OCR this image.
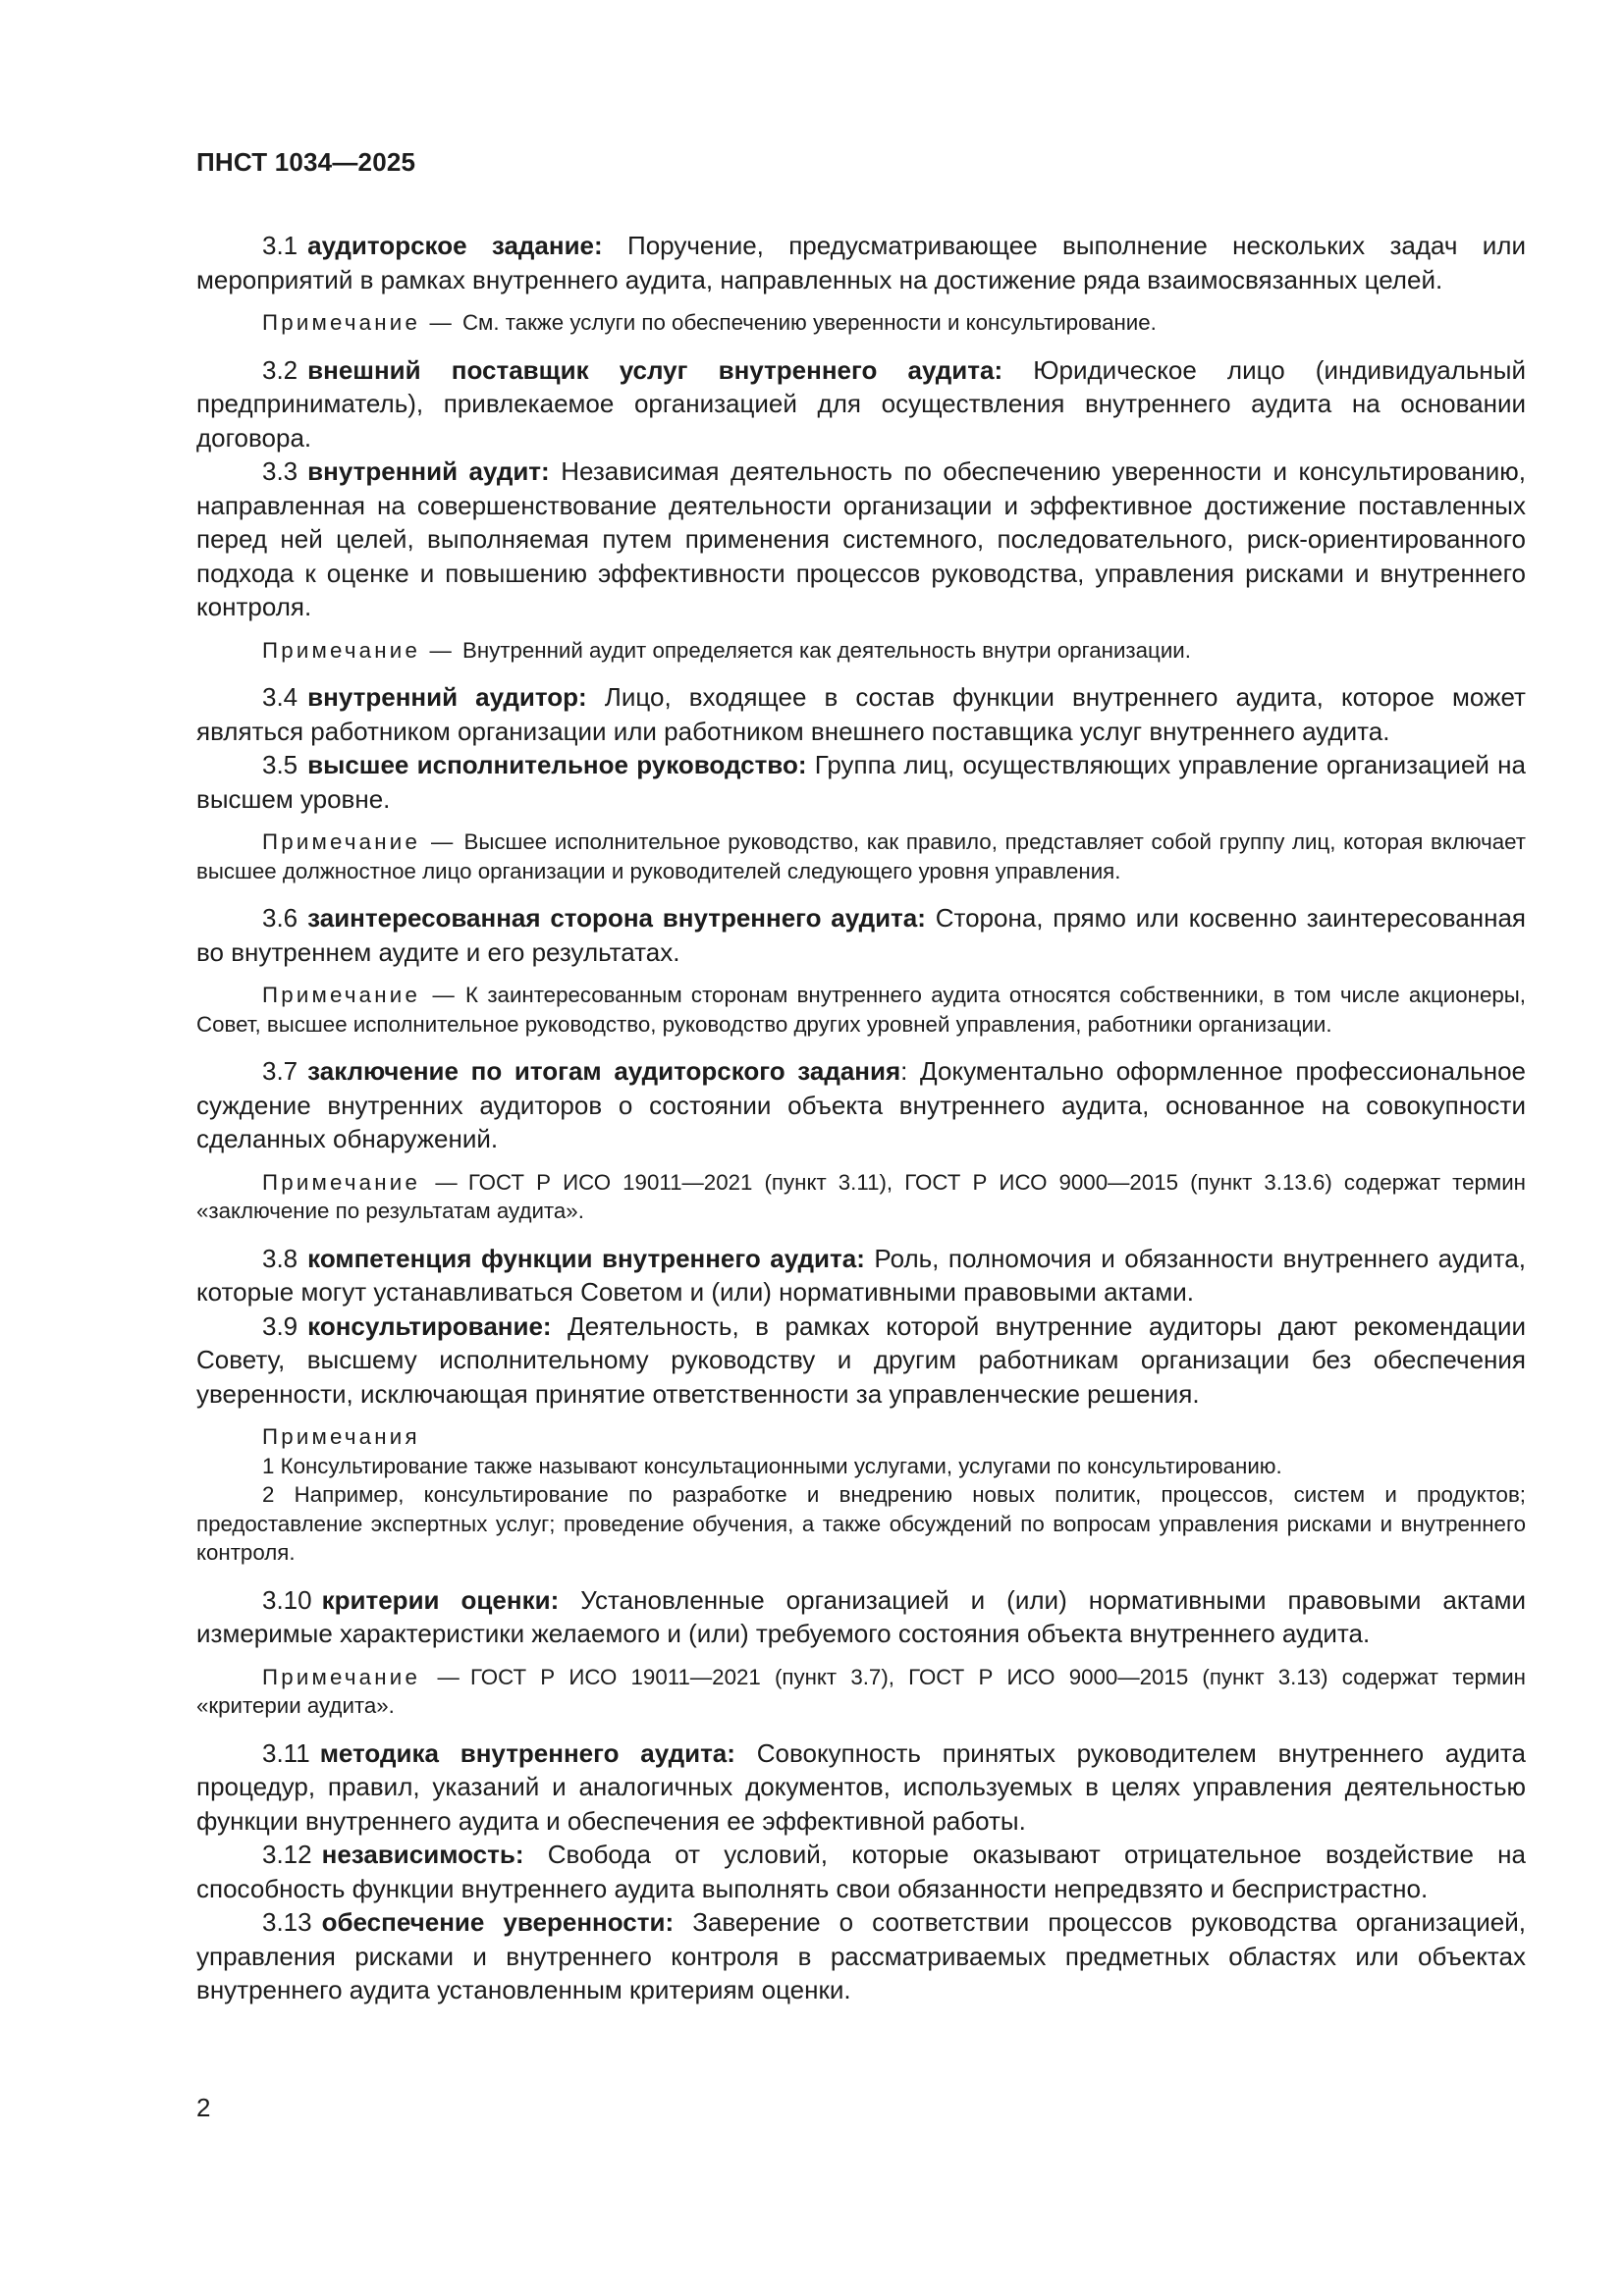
ПНСТ 1034—2025

3.1 аудиторское задание: Поручение, предусматривающее выполнение нескольких задач или мероприятий в рамках внутреннего аудита, направленных на достижение ряда взаимосвязанных целей.

Примечание — См. также услуги по обеспечению уверенности и консультирование.

3.2 внешний поставщик услуг внутреннего аудита: Юридическое лицо (индивидуальный предприниматель), привлекаемое организацией для осуществления внутреннего аудита на основании договора.

3.3 внутренний аудит: Независимая деятельность по обеспечению уверенности и консультированию, направленная на совершенствование деятельности организации и эффективное достижение поставленных перед ней целей, выполняемая путем применения системного, последовательного, риск-ориентированного подхода к оценке и повышению эффективности процессов руководства, управления рисками и внутреннего контроля.

Примечание — Внутренний аудит определяется как деятельность внутри организации.

3.4 внутренний аудитор: Лицо, входящее в состав функции внутреннего аудита, которое может являться работником организации или работником внешнего поставщика услуг внутреннего аудита.

3.5 высшее исполнительное руководство: Группа лиц, осуществляющих управление организацией на высшем уровне.

Примечание — Высшее исполнительное руководство, как правило, представляет собой группу лиц, которая включает высшее должностное лицо организации и руководителей следующего уровня управления.

3.6 заинтересованная сторона внутреннего аудита: Сторона, прямо или косвенно заинтересованная во внутреннем аудите и его результатах.

Примечание — К заинтересованным сторонам внутреннего аудита относятся собственники, в том числе акционеры, Совет, высшее исполнительное руководство, руководство других уровней управления, работники организации.

3.7 заключение по итогам аудиторского задания: Документально оформленное профессиональное суждение внутренних аудиторов о состоянии объекта внутреннего аудита, основанное на совокупности сделанных обнаружений.

Примечание — ГОСТ Р ИСО 19011—2021 (пункт 3.11), ГОСТ Р ИСО 9000—2015 (пункт 3.13.6) содержат термин «заключение по результатам аудита».

3.8 компетенция функции внутреннего аудита: Роль, полномочия и обязанности внутреннего аудита, которые могут устанавливаться Советом и (или) нормативными правовыми актами.

3.9 консультирование: Деятельность, в рамках которой внутренние аудиторы дают рекомендации Совету, высшему исполнительному руководству и другим работникам организации без обеспечения уверенности, исключающая принятие ответственности за управленческие решения.

Примечания

1 Консультирование также называют консультационными услугами, услугами по консультированию.

2 Например, консультирование по разработке и внедрению новых политик, процессов, систем и продуктов; предоставление экспертных услуг; проведение обучения, а также обсуждений по вопросам управления рисками и внутреннего контроля.

3.10 критерии оценки: Установленные организацией и (или) нормативными правовыми актами измеримые характеристики желаемого и (или) требуемого состояния объекта внутреннего аудита.

Примечание — ГОСТ Р ИСО 19011—2021 (пункт 3.7), ГОСТ Р ИСО 9000—2015 (пункт 3.13) содержат термин «критерии аудита».

3.11 методика внутреннего аудита: Совокупность принятых руководителем внутреннего аудита процедур, правил, указаний и аналогичных документов, используемых в целях управления деятельностью функции внутреннего аудита и обеспечения ее эффективной работы.

3.12 независимость: Свобода от условий, которые оказывают отрицательное воздействие на способность функции внутреннего аудита выполнять свои обязанности непредвзято и беспристрастно.

3.13 обеспечение уверенности: Заверение о соответствии процессов руководства организацией, управления рисками и внутреннего контроля в рассматриваемых предметных областях или объектах внутреннего аудита установленным критериям оценки.

2
